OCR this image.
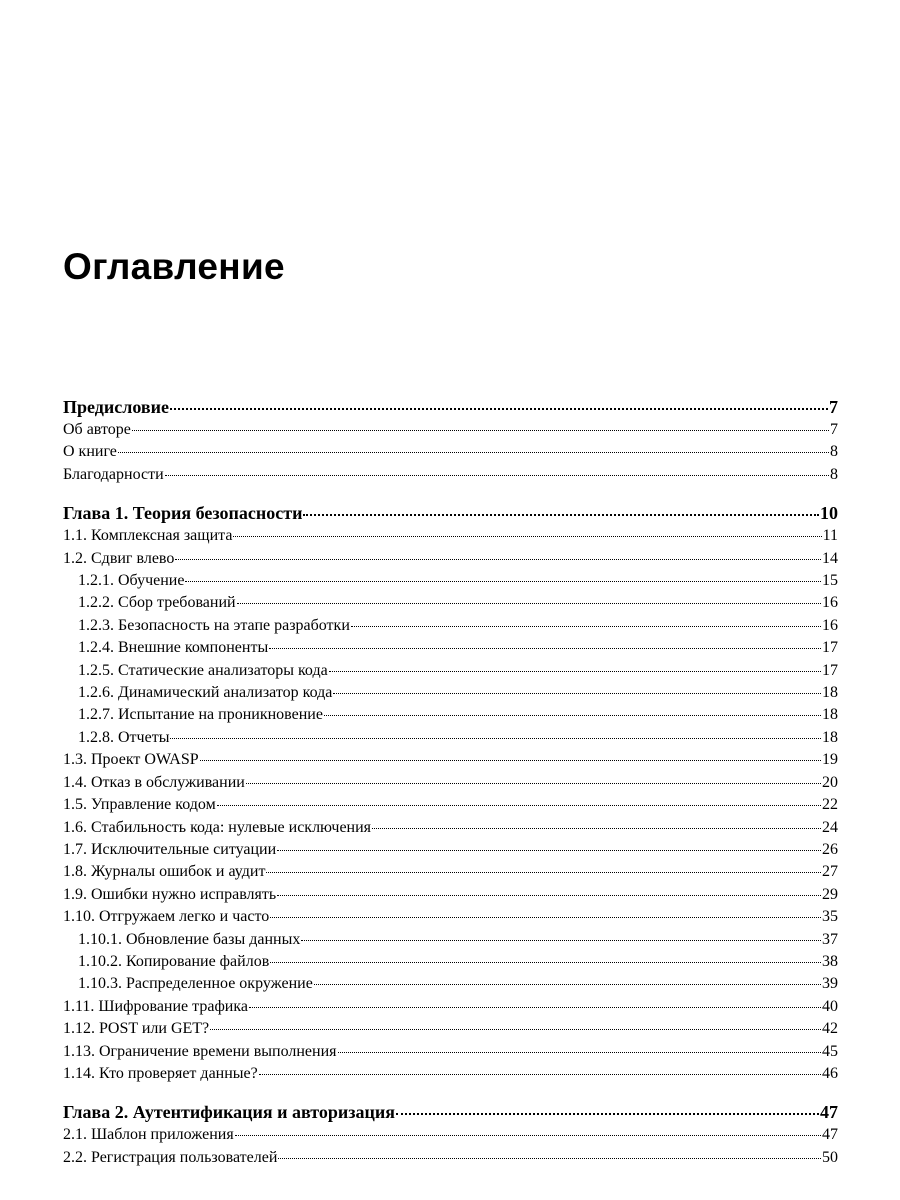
Оглавление
Предисловие	7
Об авторе	7
О книге	8
Благодарности	8
Глава 1. Теория безопасности	10
1.1. Комплексная защита	11
1.2. Сдвиг влево	14
1.2.1. Обучение	15
1.2.2. Сбор требований	16
1.2.3. Безопасность на этапе разработки	16
1.2.4. Внешние компоненты	17
1.2.5. Статические анализаторы кода	17
1.2.6. Динамический анализатор кода	18
1.2.7. Испытание на проникновение	18
1.2.8. Отчеты	18
1.3. Проект OWASP	19
1.4. Отказ в обслуживании	20
1.5. Управление кодом	22
1.6. Стабильность кода: нулевые исключения	24
1.7. Исключительные ситуации	26
1.8. Журналы ошибок и аудит	27
1.9. Ошибки нужно исправлять	29
1.10. Отгружаем легко и часто	35
1.10.1. Обновление базы данных	37
1.10.2. Копирование файлов	38
1.10.3. Распределенное окружение	39
1.11. Шифрование трафика	40
1.12. POST или GET?	42
1.13. Ограничение времени выполнения	45
1.14. Кто проверяет данные?	46
Глава 2. Аутентификация и авторизация	47
2.1. Шаблон приложения	47
2.2. Регистрация пользователей	50
